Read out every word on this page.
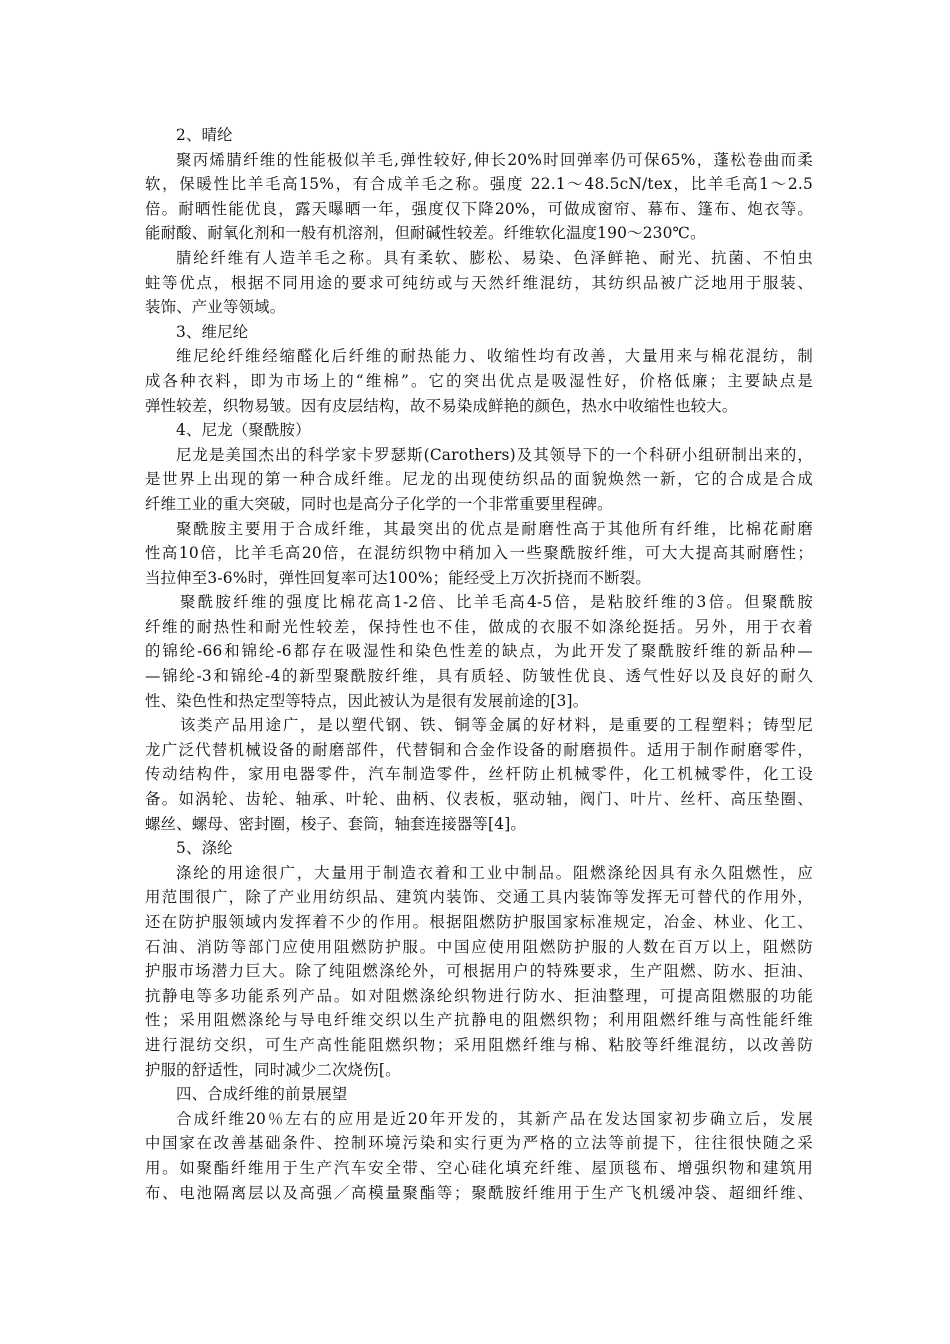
2、晴纶
聚丙烯腈纤维的性能极似羊毛,弹性较好,伸长20%时回弹率仍可保65%，蓬松卷曲而柔
软，保暖性比羊毛高15%，有合成羊毛之称。强度 22.1～48.5cN/tex，比羊毛高1～2.5
倍。耐晒性能优良，露天曝晒一年，强度仅下降20%，可做成窗帘、幕布、篷布、炮衣等。
能耐酸、耐氧化剂和一般有机溶剂，但耐碱性较差。纤维软化温度190～230℃。
腈纶纤维有人造羊毛之称。具有柔软、膨松、易染、色泽鲜艳、耐光、抗菌、不怕虫
蛀等优点，根据不同用途的要求可纯纺或与天然纤维混纺，其纺织品被广泛地用于服装、
装饰、产业等领域。
3、维尼纶
维尼纶纤维经缩醛化后纤维的耐热能力、收缩性均有改善，大量用来与棉花混纺，制
成各种衣料，即为市场上的“维棉”。它的突出优点是吸湿性好，价格低廉；主要缺点是
弹性较差，织物易皱。因有皮层结构，故不易染成鲜艳的颜色，热水中收缩性也较大。
4、尼龙（聚酰胺）
尼龙是美国杰出的科学家卡罗瑟斯(Carothers)及其领导下的一个科研小组研制出来的，
是世界上出现的第一种合成纤维。尼龙的出现使纺织品的面貌焕然一新，它的合成是合成
纤维工业的重大突破，同时也是高分子化学的一个非常重要里程碑。
聚酰胺主要用于合成纤维，其最突出的优点是耐磨性高于其他所有纤维，比棉花耐磨
性高10倍，比羊毛高20倍，在混纺织物中稍加入一些聚酰胺纤维，可大大提高其耐磨性；
当拉伸至3-6%时，弹性回复率可达100%；能经受上万次折挠而不断裂。
聚酰胺纤维的强度比棉花高1-2倍、比羊毛高4-5倍，是粘胶纤维的3倍。但聚酰胺
纤维的耐热性和耐光性较差，保持性也不佳，做成的衣服不如涤纶挺括。另外，用于衣着
的锦纶-66和锦纶-6都存在吸湿性和染色性差的缺点，为此开发了聚酰胺纤维的新品种—
—锦纶-3和锦纶-4的新型聚酰胺纤维，具有质轻、防皱性优良、透气性好以及良好的耐久
性、染色性和热定型等特点，因此被认为是很有发展前途的[3]。
该类产品用途广，是以塑代钢、铁、铜等金属的好材料，是重要的工程塑料；铸型尼
龙广泛代替机械设备的耐磨部件，代替铜和合金作设备的耐磨损件。适用于制作耐磨零件，
传动结构件，家用电器零件，汽车制造零件，丝杆防止机械零件，化工机械零件，化工设
备。如涡轮、齿轮、轴承、叶轮、曲柄、仪表板，驱动轴，阀门、叶片、丝杆、高压垫圈、
螺丝、螺母、密封圈，梭子、套筒，轴套连接器等[4]。
5、涤纶
涤纶的用途很广，大量用于制造衣着和工业中制品。阻燃涤纶因具有永久阻燃性，应
用范围很广，除了产业用纺织品、建筑内装饰、交通工具内装饰等发挥无可替代的作用外，
还在防护服领域内发挥着不少的作用。根据阻燃防护服国家标准规定，冶金、林业、化工、
石油、消防等部门应使用阻燃防护服。中国应使用阻燃防护服的人数在百万以上，阻燃防
护服市场潜力巨大。除了纯阻燃涤纶外，可根据用户的特殊要求，生产阻燃、防水、拒油、
抗静电等多功能系列产品。如对阻燃涤纶织物进行防水、拒油整理，可提高阻燃服的功能
性；采用阻燃涤纶与导电纤维交织以生产抗静电的阻燃织物；利用阻燃纤维与高性能纤维
进行混纺交织，可生产高性能阻燃织物；采用阻燃纤维与棉、粘胶等纤维混纺，以改善防
护服的舒适性，同时减少二次烧伤[。
四、合成纤维的前景展望
合成纤维20％左右的应用是近20年开发的，其新产品在发达国家初步确立后，发展
中国家在改善基础条件、控制环境污染和实行更为严格的立法等前提下，往往很快随之采
用。如聚酯纤维用于生产汽车安全带、空心硅化填充纤维、屋顶毯布、增强织物和建筑用
布、电池隔离层以及高强／高模量聚酯等；聚酰胺纤维用于生产飞机缓冲袋、超细纤维、
